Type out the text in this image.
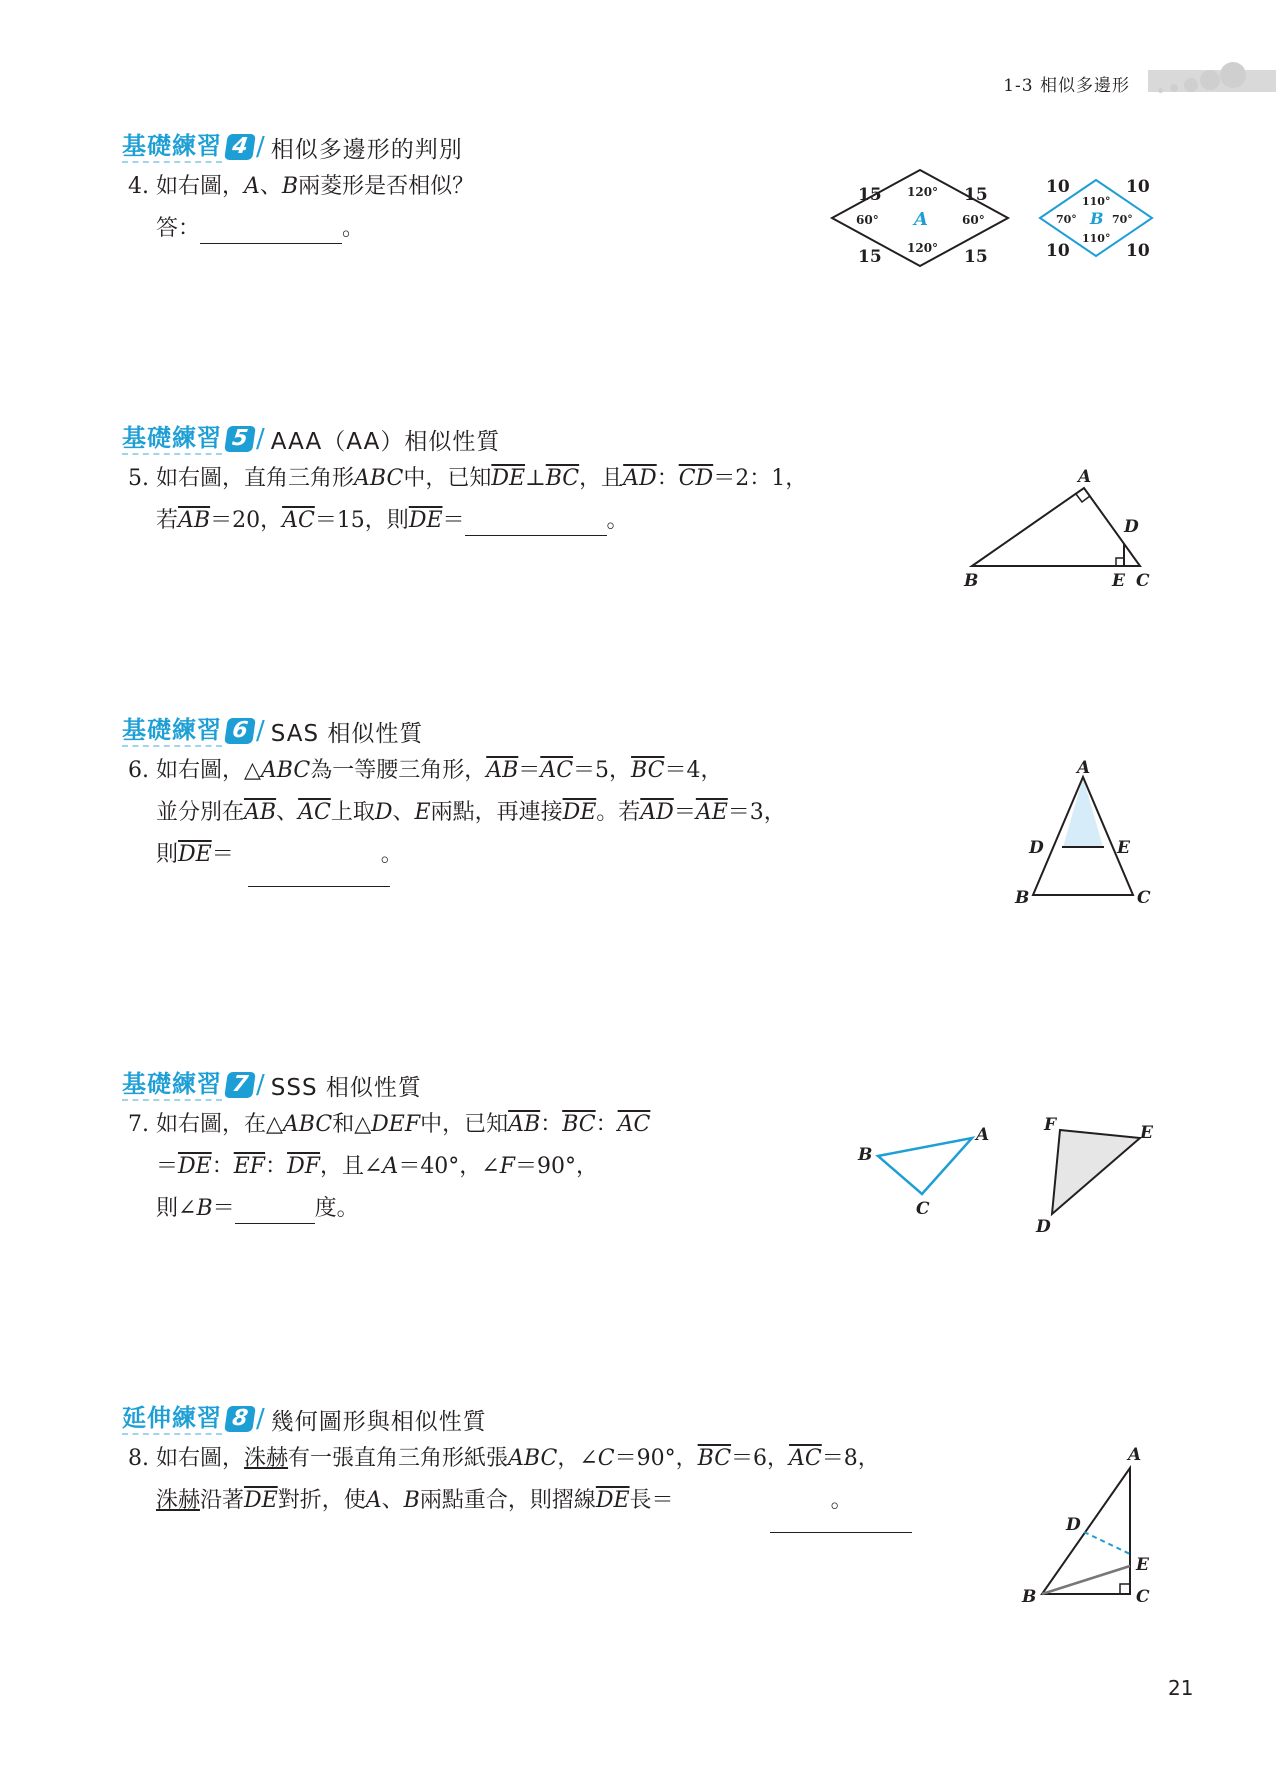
1-3 相似多邊形
基礎練習 4 / 相似多邊形的判別
4. 如右圖，A、B兩菱形是否相似？
答：	。
15	15
15	15
120°
60°	60°
120°
A
10	10
10	10
110°
70°	70°
110°
B
基礎練習 5 / AAA（AA）相似性質
5. 如右圖，直角三角形ABC中，已知$\overline{DE}\perp\overline{BC}$，且$\overline{AD}$：$\overline{CD}=2$：1，
若$\overline{AB}=20$，$\overline{AC}=15$，則$\overline{DE}=$	。
A
B	C
D
E
基礎練習 6 / SAS 相似性質
6. 如右圖，△ABC為一等腰三角形，$\overline{AB}=\overline{AC}=5$，$\overline{BC}=4$，
並分別在$\overline{AB}$、$\overline{AC}$上取D、E兩點，再連接$\overline{DE}$。若$\overline{AD}=\overline{AE}=3$，
則$\overline{DE}=$	。
A
B	C
D	E
基礎練習 7 / SSS 相似性質
7. 如右圖，在△ABC和△DEF中，已知$\overline{AB}$：$\overline{BC}$：$\overline{AC}$
$=\overline{DE}$：$\overline{EF}$：$\overline{DF}$，且∠A＝40°，∠F＝90°，
則∠B＝	度。
A
B
C
D
E
F
延伸練習 8 / 幾何圖形與相似性質
8. 如右圖，洙赫有一張直角三角形紙張ABC，∠C＝90°，$\overline{BC}=6$，$\overline{AC}=8$，
洙赫沿著$\overline{DE}$對折，使A、B兩點重合，則摺線$\overline{DE}$長＝	。
A
B	C
D
E
21
